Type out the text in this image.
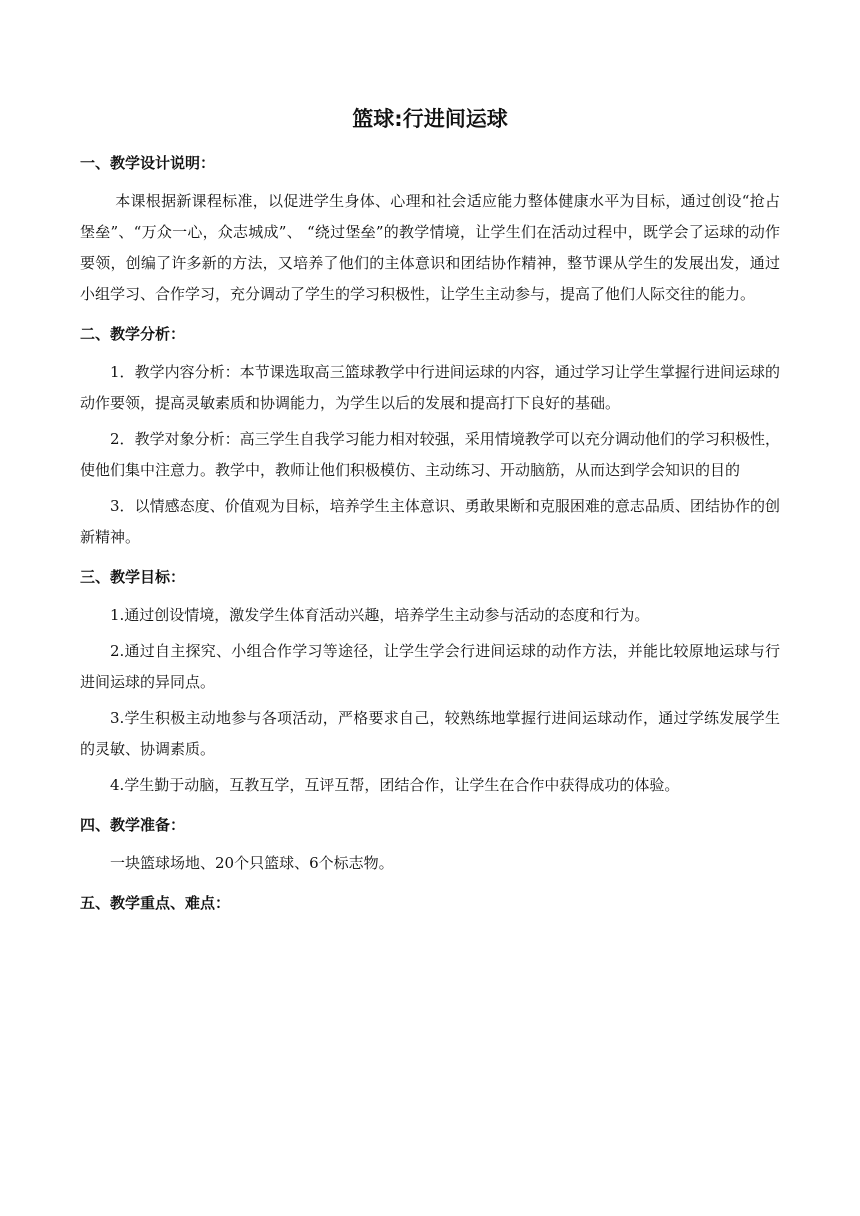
篮球:行进间运球
一、教学设计说明：

本课根据新课程标准，以促进学生身体、心理和社会适应能力整体健康水平为目标，通过创设“抢占堡垒”、“万众一心，众志城成”、 “绕过堡垒”的教学情境，让学生们在活动过程中，既学会了运球的动作要领，创编了许多新的方法，又培养了他们的主体意识和团结协作精神，整节课从学生的发展出发，通过小组学习、合作学习，充分调动了学生的学习积极性，让学生主动参与，提高了他们人际交往的能力。

二、教学分析：

1．教学内容分析：本节课选取高三篮球教学中行进间运球的内容，通过学习让学生掌握行进间运球的动作要领，提高灵敏素质和协调能力，为学生以后的发展和提高打下良好的基础。

2．教学对象分析：高三学生自我学习能力相对较强，采用情境教学可以充分调动他们的学习积极性，使他们集中注意力。教学中，教师让他们积极模仿、主动练习、开动脑筋，从而达到学会知识的目的

3．以情感态度、价值观为目标，培养学生主体意识、勇敢果断和克服困难的意志品质、团结协作的创新精神。

三、教学目标：

1.通过创设情境，激发学生体育活动兴趣，培养学生主动参与活动的态度和行为。

2.通过自主探究、小组合作学习等途径，让学生学会行进间运球的动作方法，并能比较原地运球与行进间运球的异同点。

3.学生积极主动地参与各项活动，严格要求自己，较熟练地掌握行进间运球动作，通过学练发展学生的灵敏、协调素质。

4.学生勤于动脑，互教互学，互评互帮，团结合作，让学生在合作中获得成功的体验。

四、教学准备：

一块篮球场地、20个只篮球、6个标志物。

五、教学重点、难点：
